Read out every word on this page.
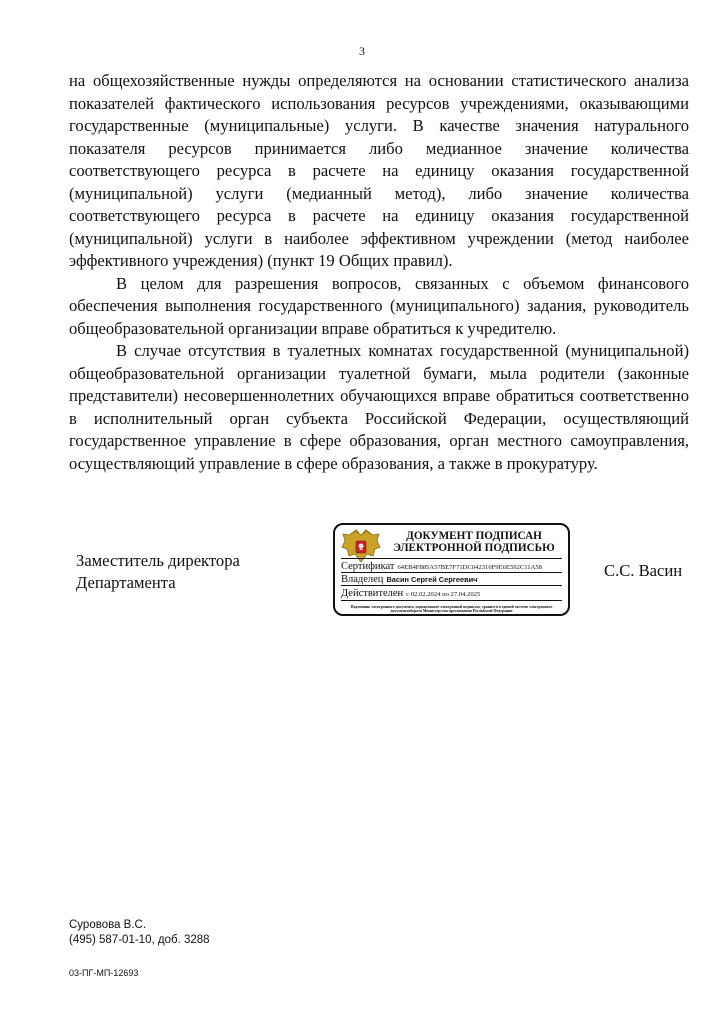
3

на общехозяйственные нужды определяются на основании статистического анализа показателей фактического использования ресурсов учреждениями, оказывающими государственные (муниципальные) услуги. В качестве значения натурального показателя ресурсов принимается либо медианное значение количества соответствующего ресурса в расчете на единицу оказания государственной (муниципальной) услуги (медианный метод), либо значение количества соответствующего ресурса в расчете на единицу оказания государственной (муниципальной) услуги в наиболее эффективном учреждении (метод наиболее эффективного учреждения) (пункт 19 Общих правил).

В целом для разрешения вопросов, связанных с объемом финансового обеспечения выполнения государственного (муниципального) задания, руководитель общеобразовательной организации вправе обратиться к учредителю.

В случае отсутствия в туалетных комнатах государственной (муниципальной) общеобразовательной организации туалетной бумаги, мыла родители (законные представители) несовершеннолетних обучающихся вправе обратиться соответственно в исполнительный орган субъекта Российской Федерации, осуществляющий государственное управление в сфере образования, орган местного самоуправления, осуществляющий управление в сфере образования, а также в прокуратуру.

Заместитель директора
Департамента
ДОКУМЕНТ ПОДПИСАН
ЭЛЕКТРОННОЙ ПОДПИСЬЮ
Сертификат 64EB4F885A57BE7F71DC042316F9E6E592C11A58
Владелец Васин Сергей Сергеевич
Действителен с 02.02.2024 по 27.04.2025
Подлинник электронного документа, подписанного электронной подписью, хранится в единой системе электронного документооборота Министерства просвещения Российской Федерации
С.С. Васин
Суровова В.С.
(495) 587-01-10, доб. 3288
03-ПГ-МП-12693
